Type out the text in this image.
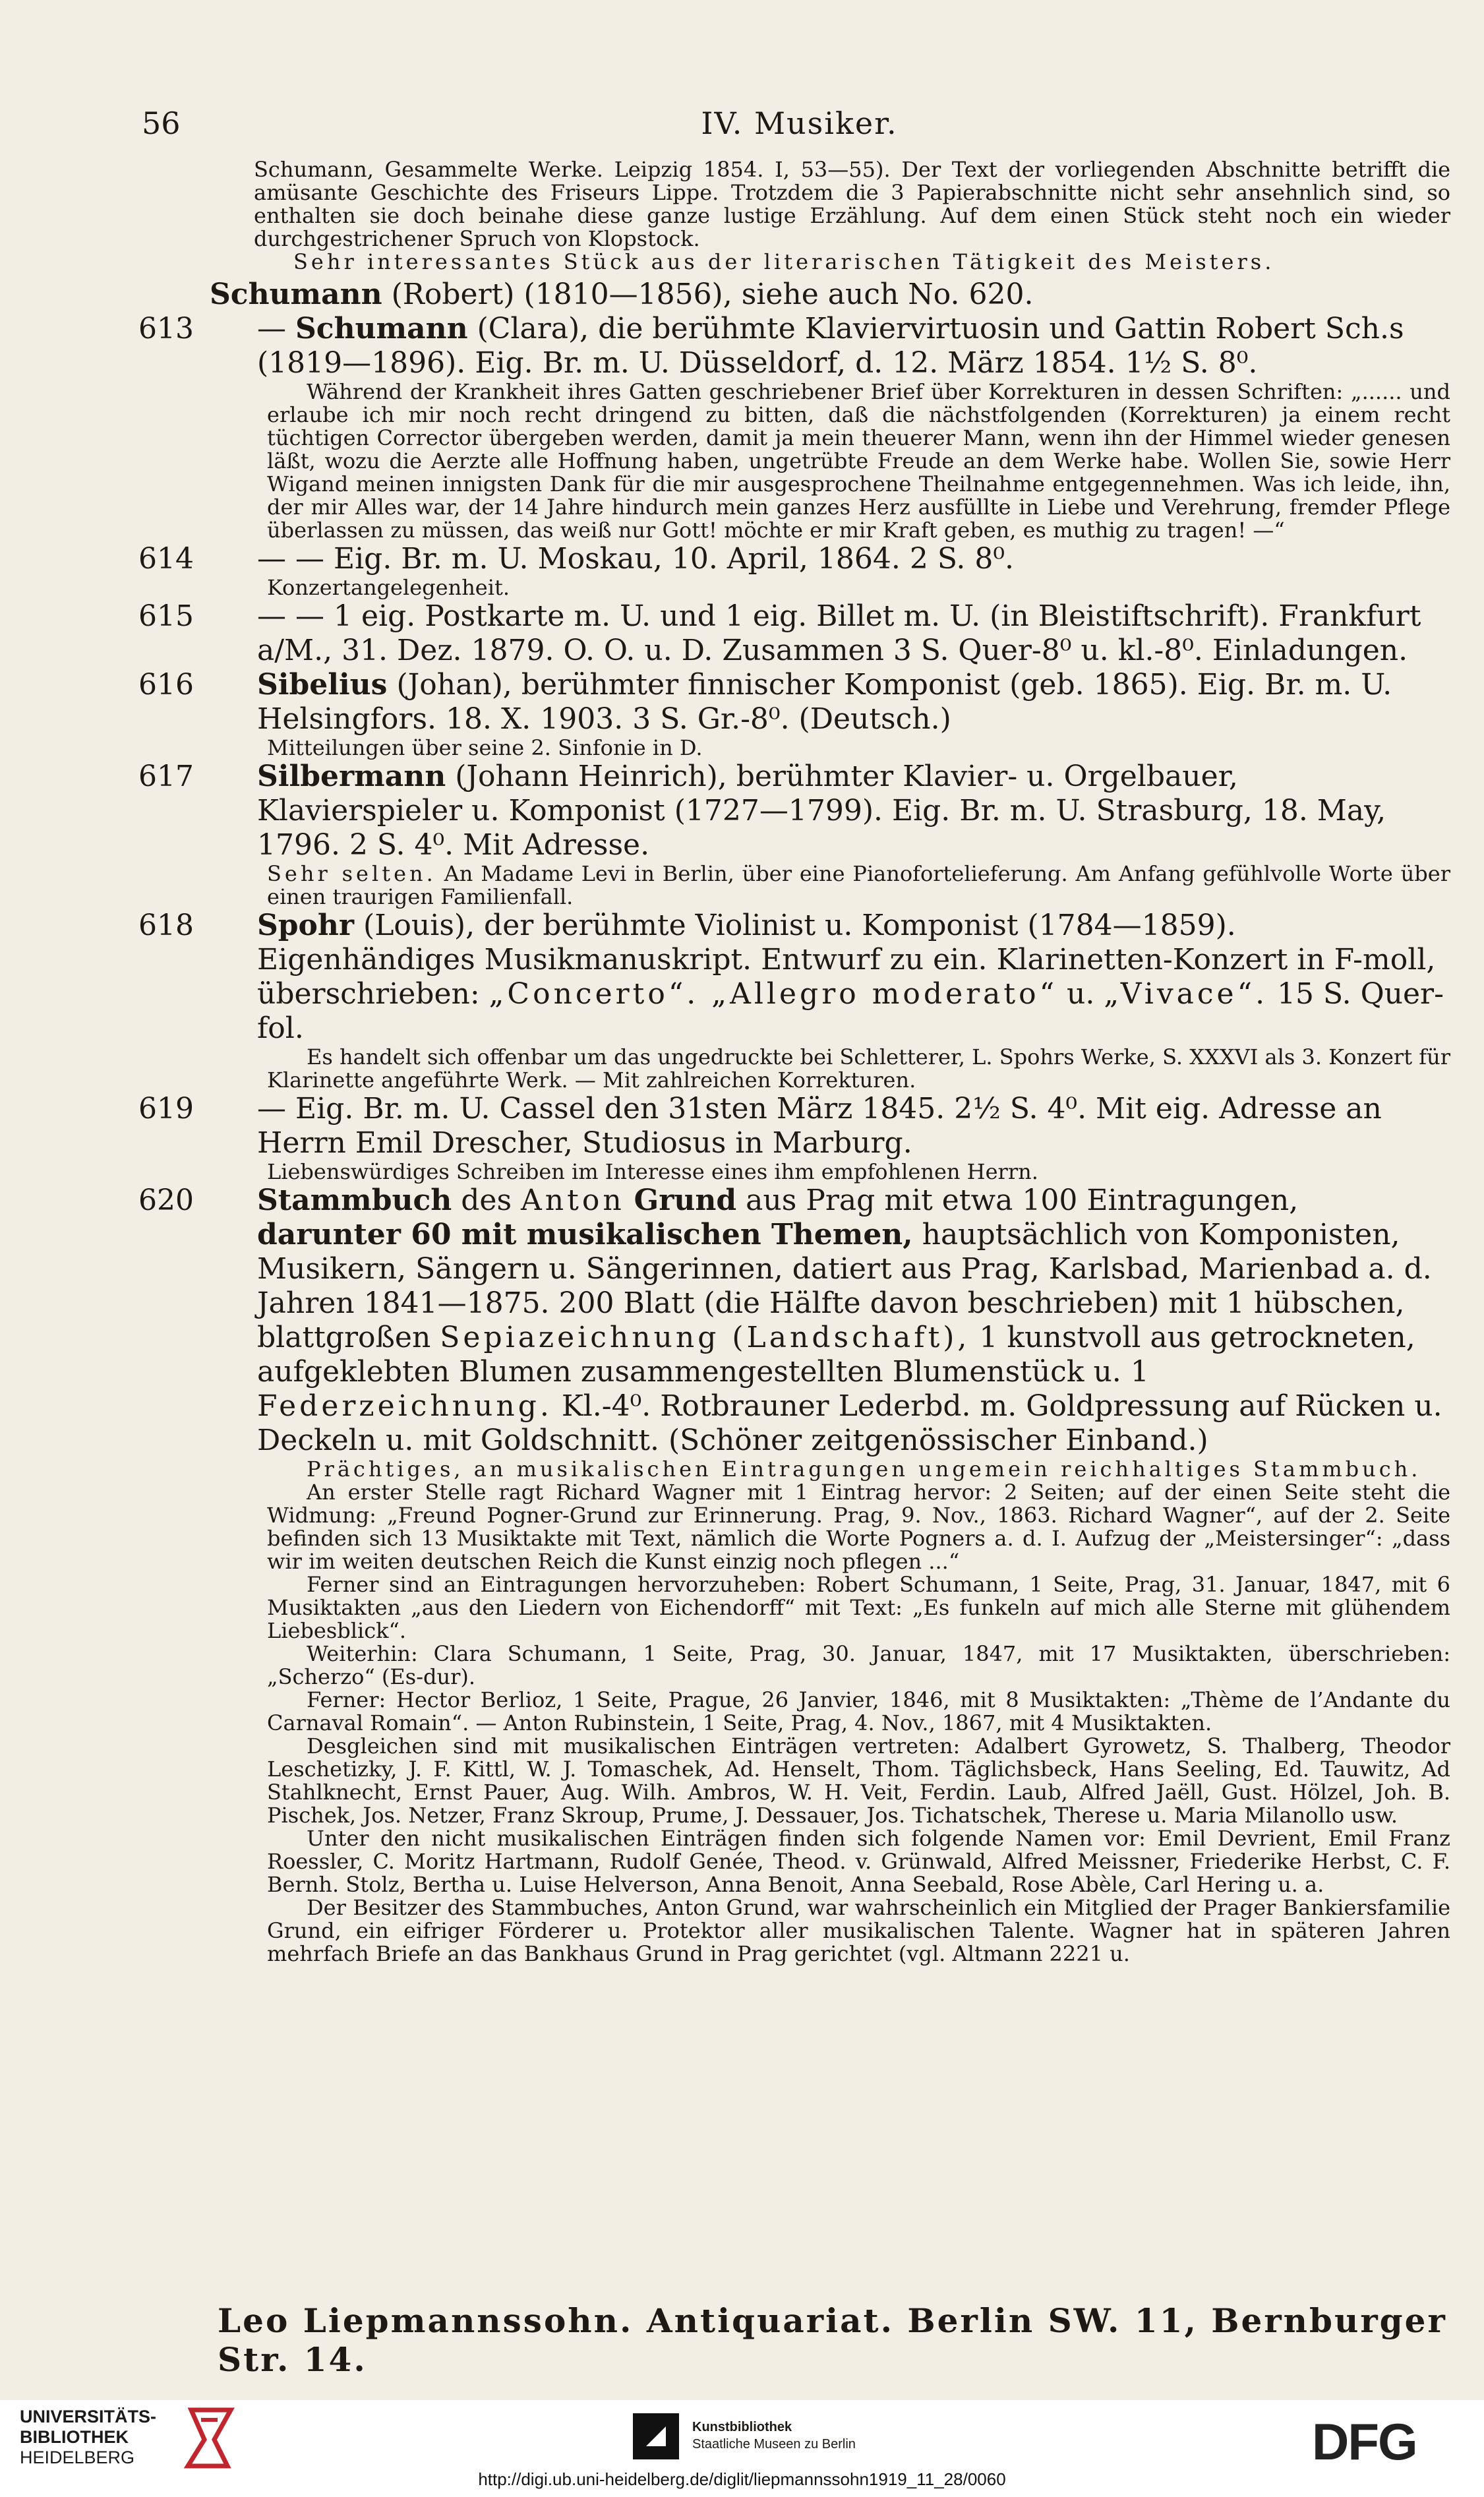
56	IV. Musiker.

Schumann, Gesammelte Werke. Leipzig 1854. I, 53—55). Der Text der vorliegenden Abschnitte betrifft die amüsante Geschichte des Friseurs Lippe. Trotzdem die 3 Papierabschnitte nicht sehr ansehnlich sind, so enthalten sie doch beinahe diese ganze lustige Erzählung. Auf dem einen Stück steht noch ein wieder durchgestrichener Spruch von Klopstock.

Sehr interessantes Stück aus der literarischen Tätigkeit des Meisters.

Schumann (Robert) (1810—1856), siehe auch No. 620.

613 — Schumann (Clara), die berühmte Klaviervirtuosin und Gattin Robert Sch.s (1819—1896). Eig. Br. m. U. Düsseldorf, d. 12. März 1854. 1½ S. 8⁰.

Während der Krankheit ihres Gatten geschriebener Brief über Korrekturen in dessen Schriften: „...... und erlaube ich mir noch recht dringend zu bitten, daß die nächstfolgenden (Korrekturen) ja einem recht tüchtigen Corrector übergeben werden, damit ja mein theuerer Mann, wenn ihn der Himmel wieder genesen läßt, wozu die Aerzte alle Hoffnung haben, ungetrübte Freude an dem Werke habe. Wollen Sie, sowie Herr Wigand meinen innigsten Dank für die mir ausgesprochene Theilnahme entgegennehmen. Was ich leide, ihn, der mir Alles war, der 14 Jahre hindurch mein ganzes Herz ausfüllte in Liebe und Verehrung, fremder Pflege überlassen zu müssen, das weiß nur Gott! möchte er mir Kraft geben, es muthig zu tragen! —“

614 — — Eig. Br. m. U. Moskau, 10. April, 1864. 2 S. 8⁰.

Konzertangelegenheit.

615 — — 1 eig. Postkarte m. U. und 1 eig. Billet m. U. (in Bleistiftschrift). Frankfurt a/M., 31. Dez. 1879. O. O. u. D. Zusammen 3 S. Quer-8⁰ u. kl.-8⁰. Einladungen.
616 Sibelius (Johan), berühmter finnischer Komponist (geb. 1865). Eig. Br. m. U. Helsingfors. 18. X. 1903. 3 S. Gr.-8⁰. (Deutsch.)

Mitteilungen über seine 2. Sinfonie in D.

617 Silbermann (Johann Heinrich), berühmter Klavier- u. Orgelbauer, Klavierspieler u. Komponist (1727—1799). Eig. Br. m. U. Strasburg, 18. May, 1796. 2 S. 4⁰. Mit Adresse.

Sehr selten. An Madame Levi in Berlin, über eine Pianofortelieferung. Am Anfang gefühlvolle Worte über einen traurigen Familienfall.

618 Spohr (Louis), der berühmte Violinist u. Komponist (1784—1859). Eigenhändiges Musikmanuskript. Entwurf zu ein. Klarinetten-Konzert in F-moll, überschrieben: „Concerto“. „Allegro moderato“ u. „Vivace“. 15 S. Quer-fol.

Es handelt sich offenbar um das ungedruckte bei Schletterer, L. Spohrs Werke, S. XXXVI als 3. Konzert für Klarinette angeführte Werk. — Mit zahlreichen Korrekturen.

619 — Eig. Br. m. U. Cassel den 31sten März 1845. 2½ S. 4⁰. Mit eig. Adresse an Herrn Emil Drescher, Studiosus in Marburg.

Liebenswürdiges Schreiben im Interesse eines ihm empfohlenen Herrn.

620 Stammbuch des Anton Grund aus Prag mit etwa 100 Eintragungen, darunter 60 mit musikalischen Themen, hauptsächlich von Komponisten, Musikern, Sängern u. Sängerinnen, datiert aus Prag, Karlsbad, Marienbad a. d. Jahren 1841—1875. 200 Blatt (die Hälfte davon beschrieben) mit 1 hübschen, blattgroßen Sepiazeichnung (Landschaft), 1 kunstvoll aus getrockneten, aufgeklebten Blumen zusammengestellten Blumenstück u. 1 Federzeichnung. Kl.-4⁰. Rotbrauner Lederbd. m. Goldpressung auf Rücken u. Deckeln u. mit Goldschnitt. (Schöner zeitgenössischer Einband.)

Prächtiges, an musikalischen Eintragungen ungemein reichhaltiges Stammbuch.

An erster Stelle ragt Richard Wagner mit 1 Eintrag hervor: 2 Seiten; auf der einen Seite steht die Widmung: „Freund Pogner-Grund zur Erinnerung. Prag, 9. Nov., 1863. Richard Wagner“, auf der 2. Seite befinden sich 13 Musiktakte mit Text, nämlich die Worte Pogners a. d. I. Aufzug der „Meistersinger“: „dass wir im weiten deutschen Reich die Kunst einzig noch pflegen ...“

Ferner sind an Eintragungen hervorzuheben: Robert Schumann, 1 Seite, Prag, 31. Januar, 1847, mit 6 Musiktakten „aus den Liedern von Eichendorff“ mit Text: „Es funkeln auf mich alle Sterne mit glühendem Liebesblick“.

Weiterhin: Clara Schumann, 1 Seite, Prag, 30. Januar, 1847, mit 17 Musiktakten, überschrieben: „Scherzo“ (Es-dur).

Ferner: Hector Berlioz, 1 Seite, Prague, 26 Janvier, 1846, mit 8 Musiktakten: „Thème de l’Andante du Carnaval Romain“. — Anton Rubinstein, 1 Seite, Prag, 4. Nov., 1867, mit 4 Musiktakten.

Desgleichen sind mit musikalischen Einträgen vertreten: Adalbert Gyrowetz, S. Thalberg, Theodor Leschetizky, J. F. Kittl, W. J. Tomaschek, Ad. Henselt, Thom. Täglichsbeck, Hans Seeling, Ed. Tauwitz, Ad Stahlknecht, Ernst Pauer, Aug. Wilh. Ambros, W. H. Veit, Ferdin. Laub, Alfred Jaëll, Gust. Hölzel, Joh. B. Pischek, Jos. Netzer, Franz Skroup, Prume, J. Dessauer, Jos. Tichatschek, Therese u. Maria Milanollo usw.

Unter den nicht musikalischen Einträgen finden sich folgende Namen vor: Emil Devrient, Emil Franz Roessler, C. Moritz Hartmann, Rudolf Genée, Theod. v. Grünwald, Alfred Meissner, Friederike Herbst, C. F. Bernh. Stolz, Bertha u. Luise Helverson, Anna Benoit, Anna Seebald, Rose Abèle, Carl Hering u. a.

Der Besitzer des Stammbuches, Anton Grund, war wahrscheinlich ein Mitglied der Prager Bankiersfamilie Grund, ein eifriger Förderer u. Protektor aller musikalischen Talente. Wagner hat in späteren Jahren mehrfach Briefe an das Bankhaus Grund in Prag gerichtet (vgl. Altmann 2221 u.

Leo Liepmannssohn. Antiquariat. Berlin SW. 11, Bernburger Str. 14.
UNIVERSITÄTS-
BIBLIOTHEK
HEIDELBERG
Kunstbibliothek
Staatliche Museen zu Berlin	DFG
http://digi.ub.uni-heidelberg.de/diglit/liepmannssohn1919_11_28/0060
